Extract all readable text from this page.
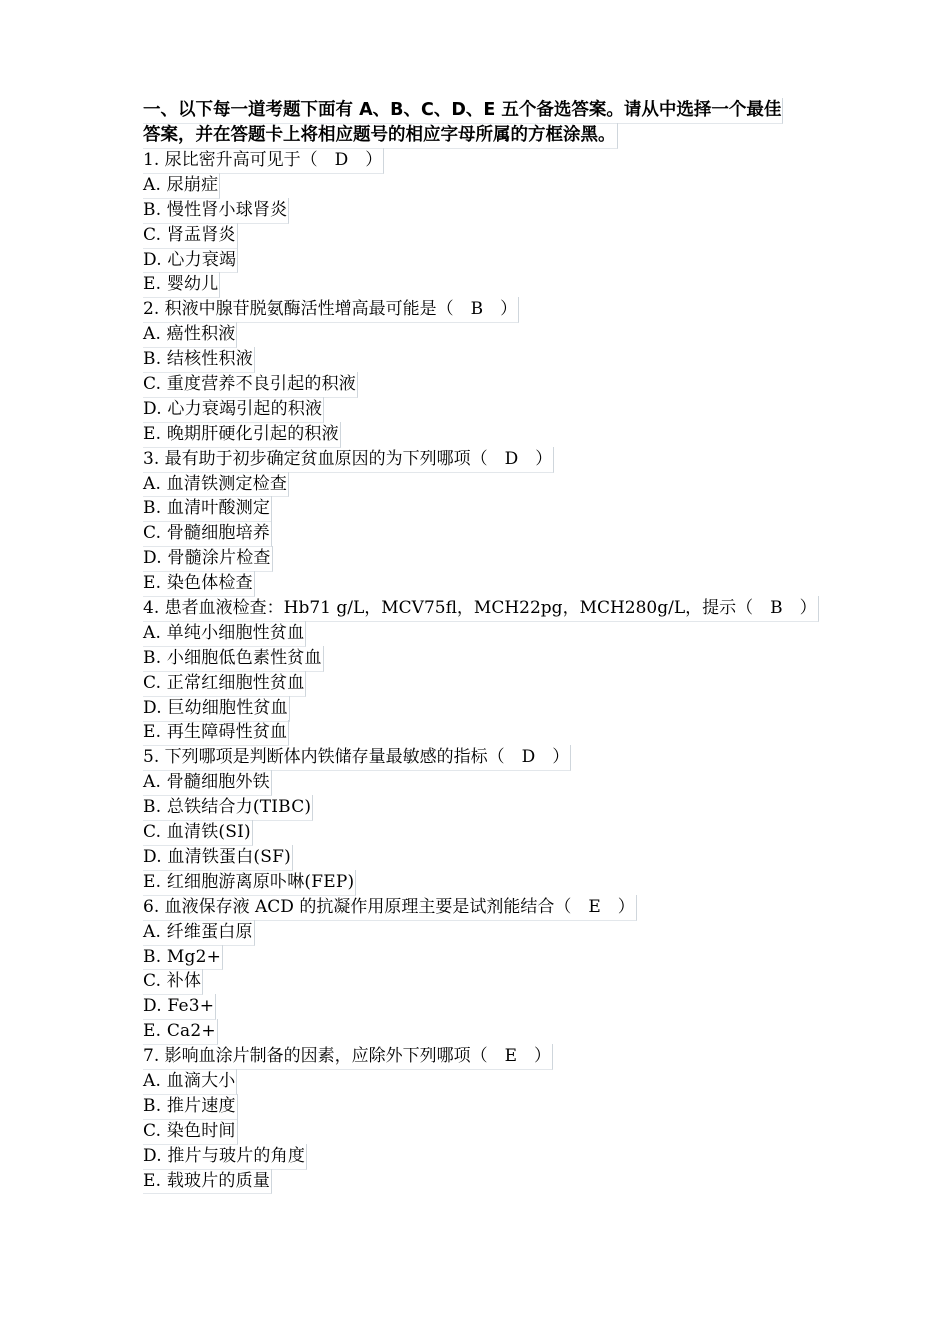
一、以下每一道考题下面有 A、B、C、D、E 五个备选答案。请从中选择一个最佳
答案，并在答题卡上将相应题号的相应字母所属的方框涂黑。
1. 尿比密升高可见于（　D　）
A. 尿崩症
B. 慢性肾小球肾炎
C. 肾盂肾炎
D. 心力衰竭
E. 婴幼儿
2. 积液中腺苷脱氨酶活性增高最可能是（　B　）
A. 癌性积液
B. 结核性积液
C. 重度营养不良引起的积液
D. 心力衰竭引起的积液
E. 晚期肝硬化引起的积液
3. 最有助于初步确定贫血原因的为下列哪项（　D　）
A. 血清铁测定检查
B. 血清叶酸测定
C. 骨髓细胞培养
D. 骨髓涂片检查
E. 染色体检查
4. 患者血液检查：Hb71 g/L，MCV75fl，MCH22pg，MCH280g/L，提示（　B　）
A. 单纯小细胞性贫血
B. 小细胞低色素性贫血
C. 正常红细胞性贫血
D. 巨幼细胞性贫血
E. 再生障碍性贫血
5. 下列哪项是判断体内铁储存量最敏感的指标（　D　）
A. 骨髓细胞外铁
B. 总铁结合力(TIBC)
C. 血清铁(SI)
D. 血清铁蛋白(SF)
E. 红细胞游离原卟啉(FEP)
6. 血液保存液 ACD 的抗凝作用原理主要是试剂能结合（　E　）
A. 纤维蛋白原
B. Mg2+
C. 补体
D. Fe3+
E. Ca2+
7. 影响血涂片制备的因素，应除外下列哪项（　E　）
A. 血滴大小
B. 推片速度
C. 染色时间
D. 推片与玻片的角度
E. 载玻片的质量
